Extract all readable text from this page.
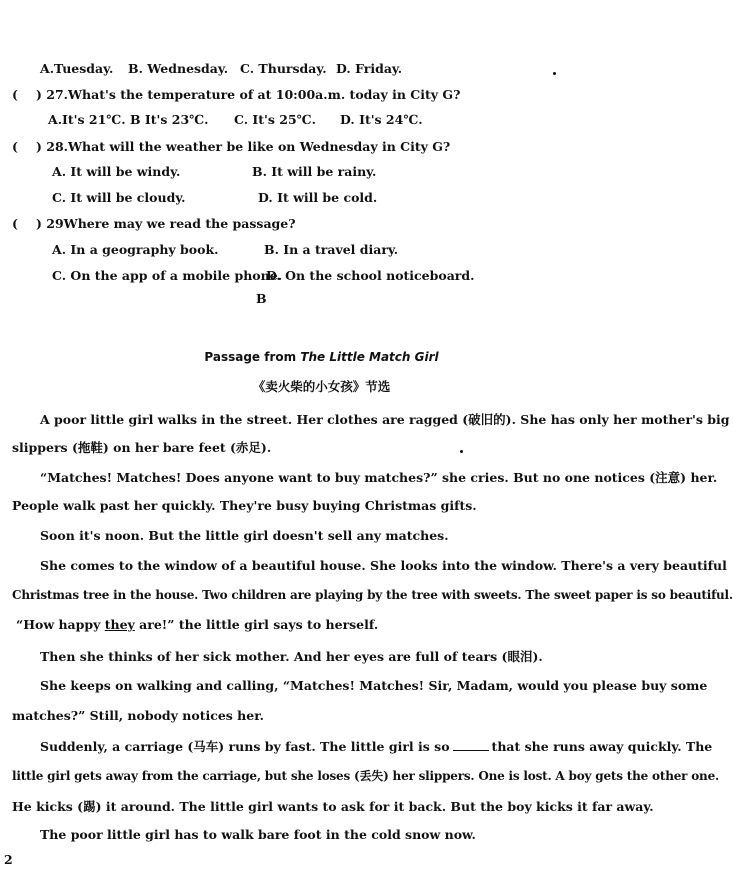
A.Tuesday. B. Wednesday. C. Thursday. D. Friday.
( ) 27.What's the temperature of at 10:00a.m. today in City G?
A.It's 21℃. B It's 23℃. C. It's 25℃. D. It's 24℃.
( ) 28.What will the weather be like on Wednesday in City G?
A. It will be windy.	B. It will be rainy.
C. It will be cloudy.	D. It will be cold.
( ) 29Where may we read the passage?
A. In a geography book.	B. In a travel diary.
C. On the app of a mobile phone.
D. On the school noticeboard.
B
Passage from The Little Match Girl
《卖火柴的小女孩》节选
A poor little girl walks in the street. Her clothes are ragged (破旧的). She has only her mother's big
slippers (拖鞋) on her bare feet (赤足).
“Matches! Matches! Does anyone want to buy matches?” she cries. But no one notices (注意) her.
People walk past her quickly. They're busy buying Christmas gifts.
Soon it's noon. But the little girl doesn't sell any matches.
She comes to the window of a beautiful house. She looks into the window. There's a very beautiful
Christmas tree in the house. Two children are playing by the tree with sweets. The sweet paper is so beautiful.
“How happy they are!” the little girl says to herself.
Then she thinks of her sick mother. And her eyes are full of tears (眼泪).
She keeps on walking and calling, “Matches! Matches! Sir, Madam, would you please buy some
matches?” Still, nobody notices her.
Suddenly, a carriage (马车) runs by fast. The little girl is so	that she runs away quickly. The
little girl gets away from the carriage, but she loses (丢失) her slippers. One is lost. A boy gets the other one.
He kicks (踢) it around. The little girl wants to ask for it back. But the boy kicks it far away.
The poor little girl has to walk bare foot in the cold snow now.
2
